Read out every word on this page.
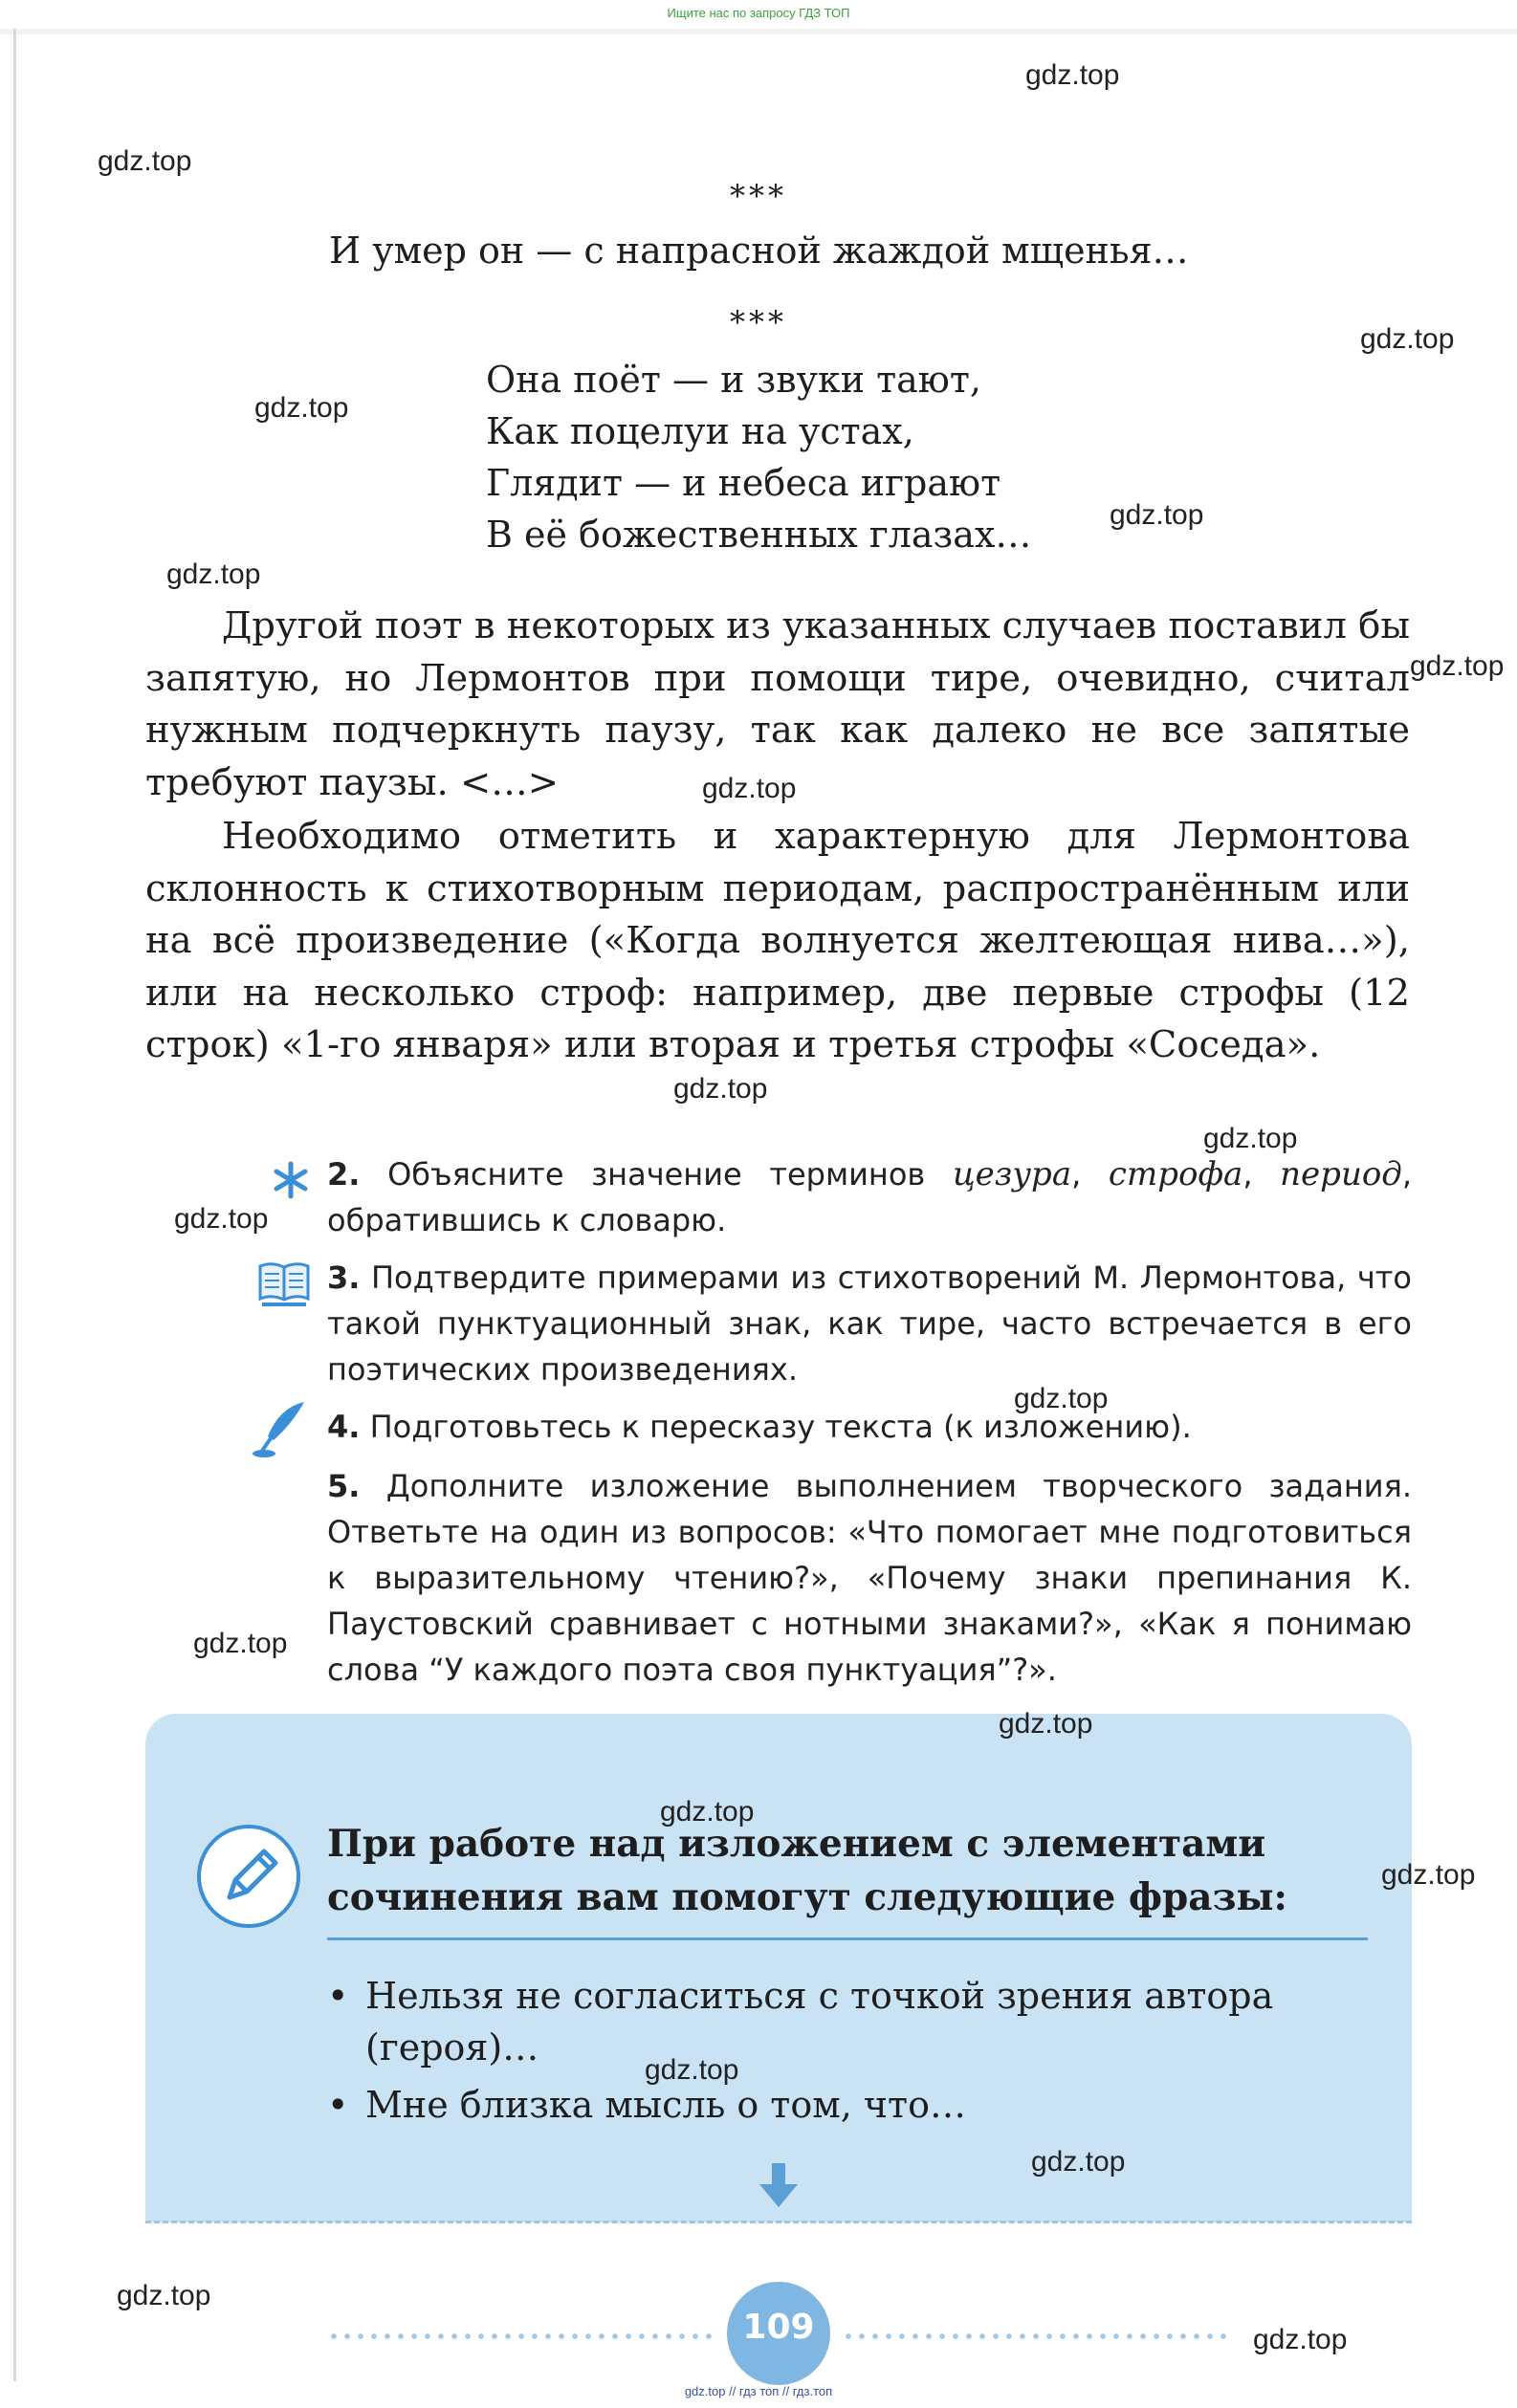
Ищите нас по запросу ГДЗ ТОП
gdz.top
gdz.top
gdz.top
gdz.top
gdz.top
gdz.top
gdz.top
gdz.top
gdz.top
gdz.top
gdz.top
gdz.top
gdz.top
***
И умер он — с напрасной жаждой мщенья…
***
Она поёт — и звуки тают,
Как поцелуи на устах,
Глядит — и небеса играют
В её божественных глазах…
Другой поэт в некоторых из указанных случаев поставил бы запятую, но Лермонтов при помощи тире, очевидно, считал нужным подчеркнуть паузу, так как далеко не все запятые требуют паузы. <…>
Необходимо отметить и характерную для Лермонтова склонность к стихотворным периодам, распространённым или на всё произведение («Когда волнуется желтеющая нива…»), или на несколько строф: например, две первые строфы (12 строк) «1-го января» или вторая и третья строфы «Соседа».
2. Объясните значение терминов цезура, строфа, период, обратившись к словарю.
3. Подтвердите примерами из стихотворений М. Лермонтова, что такой пунктуационный знак, как тире, часто встречается в его поэтических произведениях.
4. Подготовьтесь к пересказу текста (к изложению).
5. Дополните изложение выполнением творческого задания. Ответьте на один из вопросов: «Что помогает мне подготовиться к выразительному чтению?», «Почему знаки препинания К. Паустовский сравнивает с нотными знаками?», «Как я понимаю слова “У каждого поэта своя пунктуация”?».
gdz.top
gdz.top
gdz.top
gdz.top
gdz.top
При работе над изложением с элементами сочинения вам помогут следующие фразы:
• Нельзя не согласиться с точкой зрения автора (героя)…
• Мне близка мысль о том, что…
gdz.top
gdz.top
109
gdz.top // гдз топ // гдз.топ
